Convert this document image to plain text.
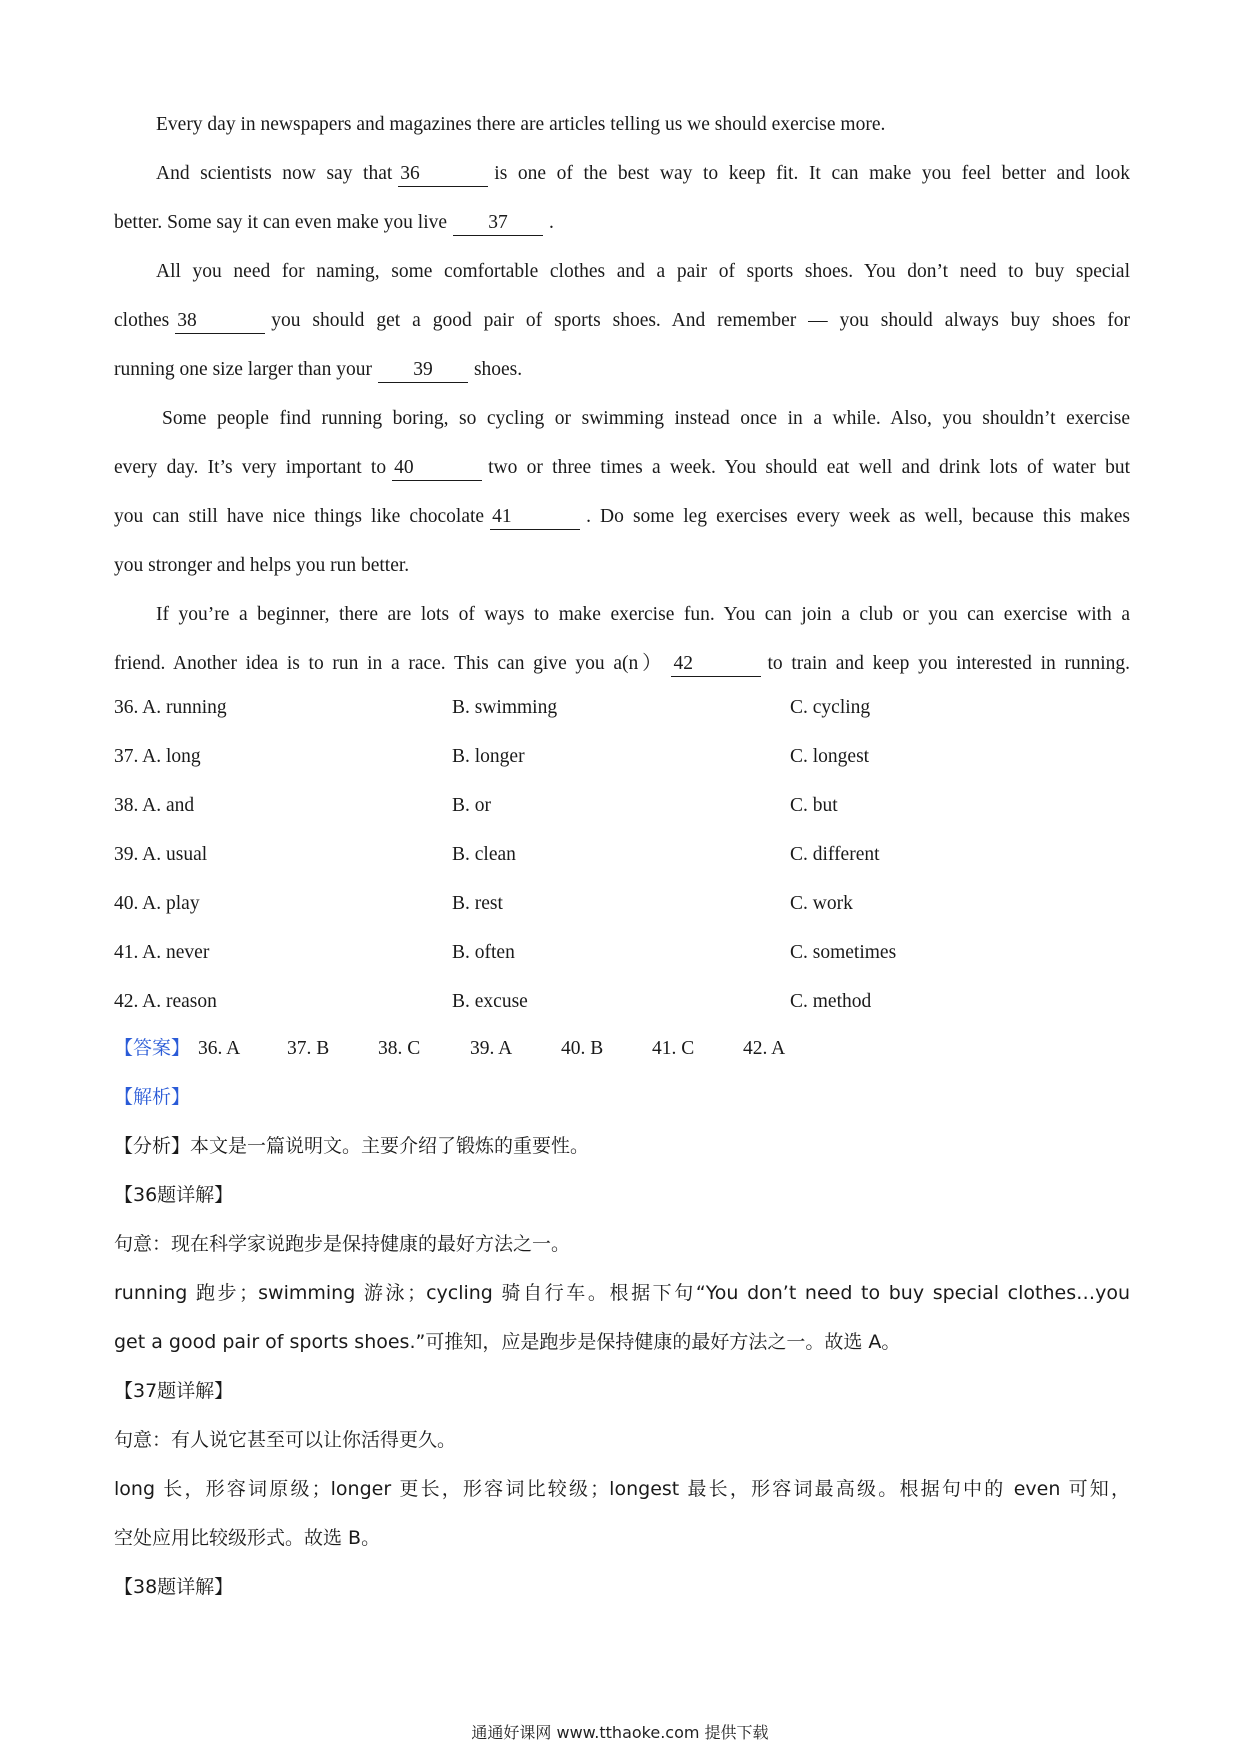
Every day in newspapers and magazines there are articles telling us we should exercise more.
And scientists now say that 36	is one of the best way to keep fit. It can make you feel better and look
better. Some say it can even make you live 37 .
All you need for naming, some comfortable clothes and a pair of sports shoes. You don’t need to buy special
clothes 38	you should get a good pair of sports shoes. And remember — you should always buy shoes for
running one size larger than your 39 shoes.
Some people find running boring, so cycling or swimming instead once in a while. Also, you shouldn’t exercise
every day. It’s very important to 40	two or three times a week. You should eat well and drink lots of water but
you can still have nice things like chocolate 41	. Do some leg exercises every week as well, because this makes
you stronger and helps you run better.
If you’re a beginner, there are lots of ways to make exercise fun. You can join a club or you can exercise with a
friend. Another idea is to run in a race. This can give you a(n） 42	to train and keep you interested in running.
36. A. running	B. swimming	C. cycling
37. A. long	B. longer	C. longest
38. A. and	B. or	C. but
39. A. usual	B. clean	C. different
40. A. play	B. rest	C. work
41. A. never	B. often	C. sometimes
42. A. reason	B. excuse	C. method
【答案】 36. A 37. B 38. C	39. A 40. B 41. C 42. A
【解析】
【分析】本文是一篇说明文。主要介绍了锻炼的重要性。
【36题详解】
句意：现在科学家说跑步是保持健康的最好方法之一。
running 跑步；swimming 游泳；cycling 骑自行车。根据下句“You don’t need to buy special clothes…you
get a good pair of sports shoes.”可推知，应是跑步是保持健康的最好方法之一。故选 A。
【37题详解】
句意：有人说它甚至可以让你活得更久。
long 长，形容词原级；longer 更长，形容词比较级；longest 最长，形容词最高级。根据句中的 even 可知，
空处应用比较级形式。故选 B。
【38题详解】
通通好课网 www.tthaoke.com 提供下载
